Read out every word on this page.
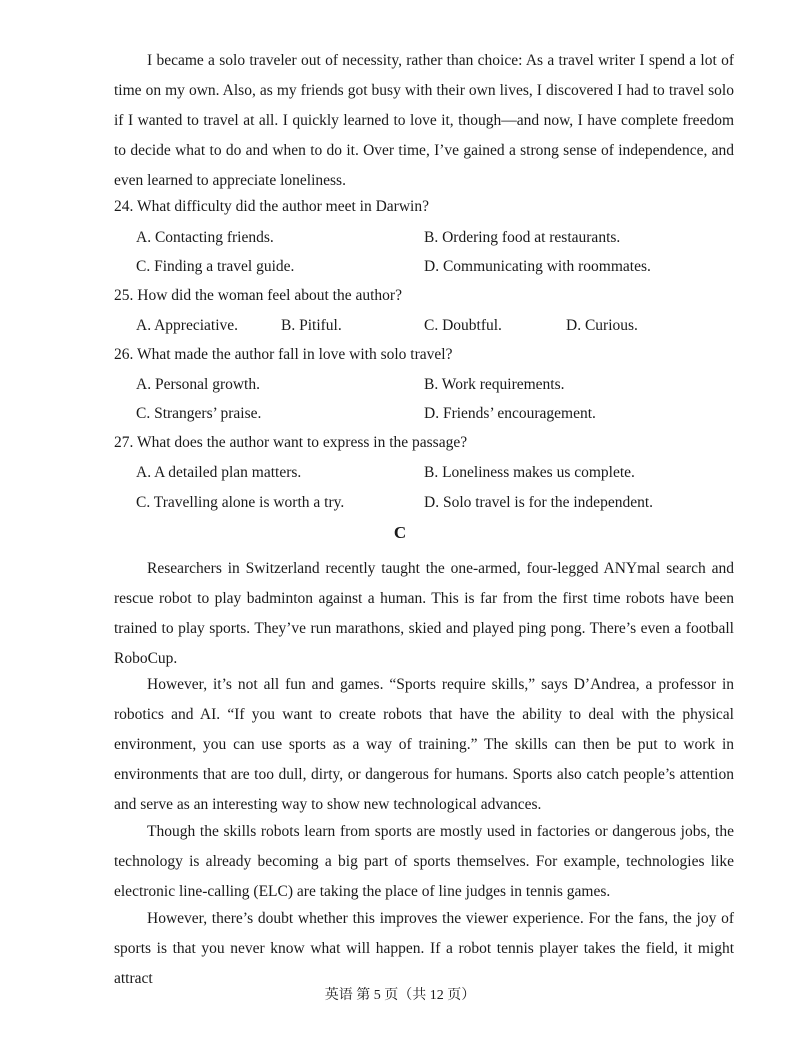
I became a solo traveler out of necessity, rather than choice: As a travel writer I spend a lot of time on my own. Also, as my friends got busy with their own lives, I discovered I had to travel solo if I wanted to travel at all. I quickly learned to love it, though—and now, I have complete freedom to decide what to do and when to do it. Over time, I’ve gained a strong sense of independence, and even learned to appreciate loneliness.

24. What difficulty did the author meet in Darwin?
A. Contacting friends.	B. Ordering food at restaurants.
C. Finding a travel guide.	D. Communicating with roommates.
25. How did the woman feel about the author?
A. Appreciative.	B. Pitiful.	C. Doubtful.	D. Curious.
26. What made the author fall in love with solo travel?
A. Personal growth.	B. Work requirements.
C. Strangers’ praise.	D. Friends’ encouragement.
27. What does the author want to express in the passage?
A. A detailed plan matters.	B. Loneliness makes us complete.
C. Travelling alone is worth a try.	D. Solo travel is for the independent.
C

Researchers in Switzerland recently taught the one-armed, four-legged ANYmal search and rescue robot to play badminton against a human. This is far from the first time robots have been trained to play sports. They’ve run marathons, skied and played ping pong. There’s even a football RoboCup.

However, it’s not all fun and games. “Sports require skills,” says D’Andrea, a professor in robotics and AI. “If you want to create robots that have the ability to deal with the physical environment, you can use sports as a way of training.” The skills can then be put to work in environments that are too dull, dirty, or dangerous for humans. Sports also catch people’s attention and serve as an interesting way to show new technological advances.

Though the skills robots learn from sports are mostly used in factories or dangerous jobs, the technology is already becoming a big part of sports themselves. For example, technologies like electronic line-calling (ELC) are taking the place of line judges in tennis games.

However, there’s doubt whether this improves the viewer experience. For the fans, the joy of sports is that you never know what will happen. If a robot tennis player takes the field, it might attract

英语 第 5 页（共 12 页）
